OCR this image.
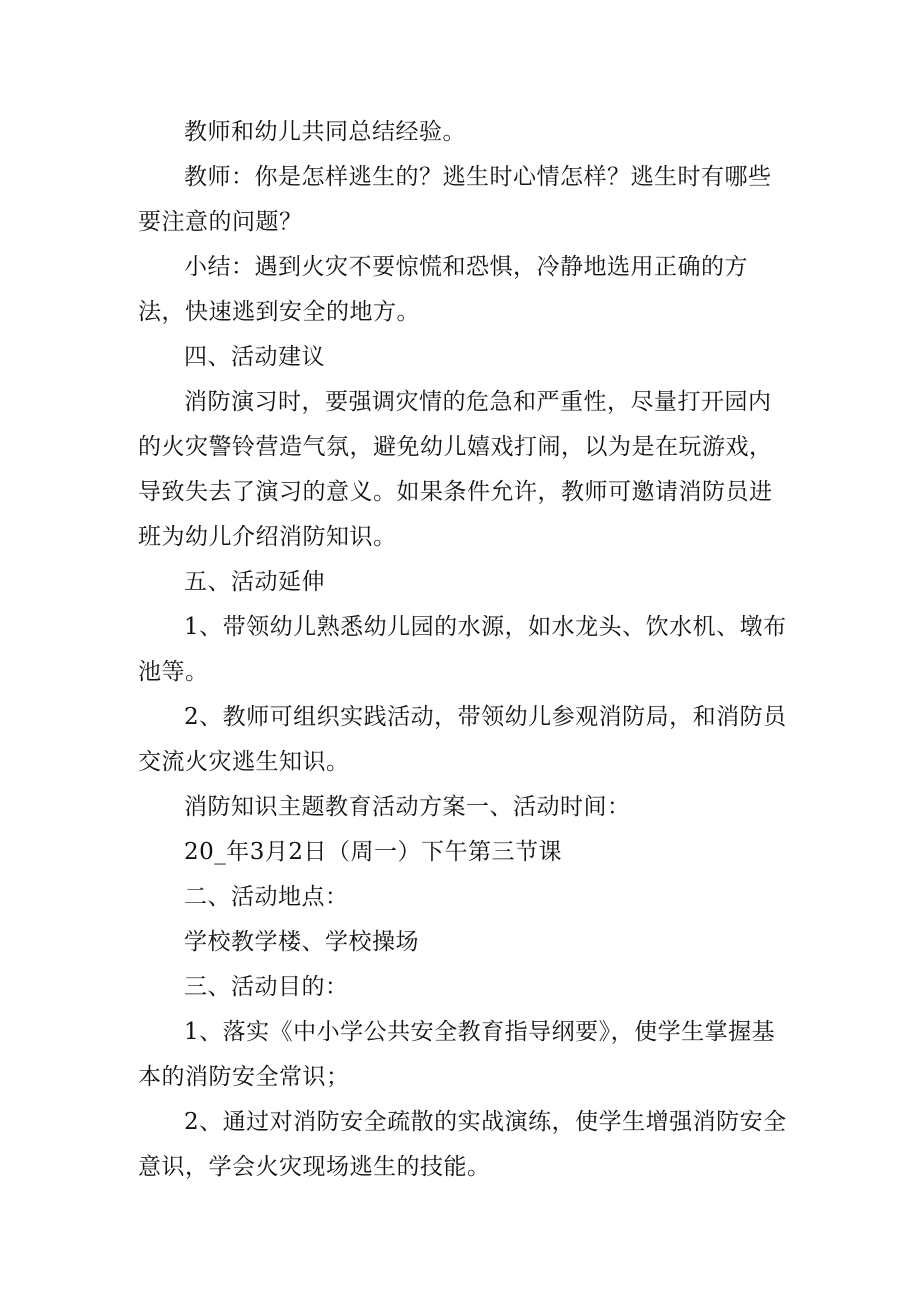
教师和幼儿共同总结经验。

教师：你是怎样逃生的？逃生时心情怎样？逃生时有哪些要注意的问题？

小结：遇到火灾不要惊慌和恐惧，冷静地选用正确的方法，快速逃到安全的地方。

四、活动建议

消防演习时，要强调灾情的危急和严重性，尽量打开园内的火灾警铃营造气氛，避免幼儿嬉戏打闹，以为是在玩游戏，导致失去了演习的意义。如果条件允许，教师可邀请消防员进班为幼儿介绍消防知识。

五、活动延伸

1、带领幼儿熟悉幼儿园的水源，如水龙头、饮水机、墩布池等。

2、教师可组织实践活动，带领幼儿参观消防局，和消防员交流火灾逃生知识。

消防知识主题教育活动方案一、活动时间：

20_年3月2日（周一）下午第三节课

二、活动地点：

学校教学楼、学校操场

三、活动目的：

1、落实《中小学公共安全教育指导纲要》，使学生掌握基本的消防安全常识；

2、通过对消防安全疏散的实战演练，使学生增强消防安全意识，学会火灾现场逃生的技能。
